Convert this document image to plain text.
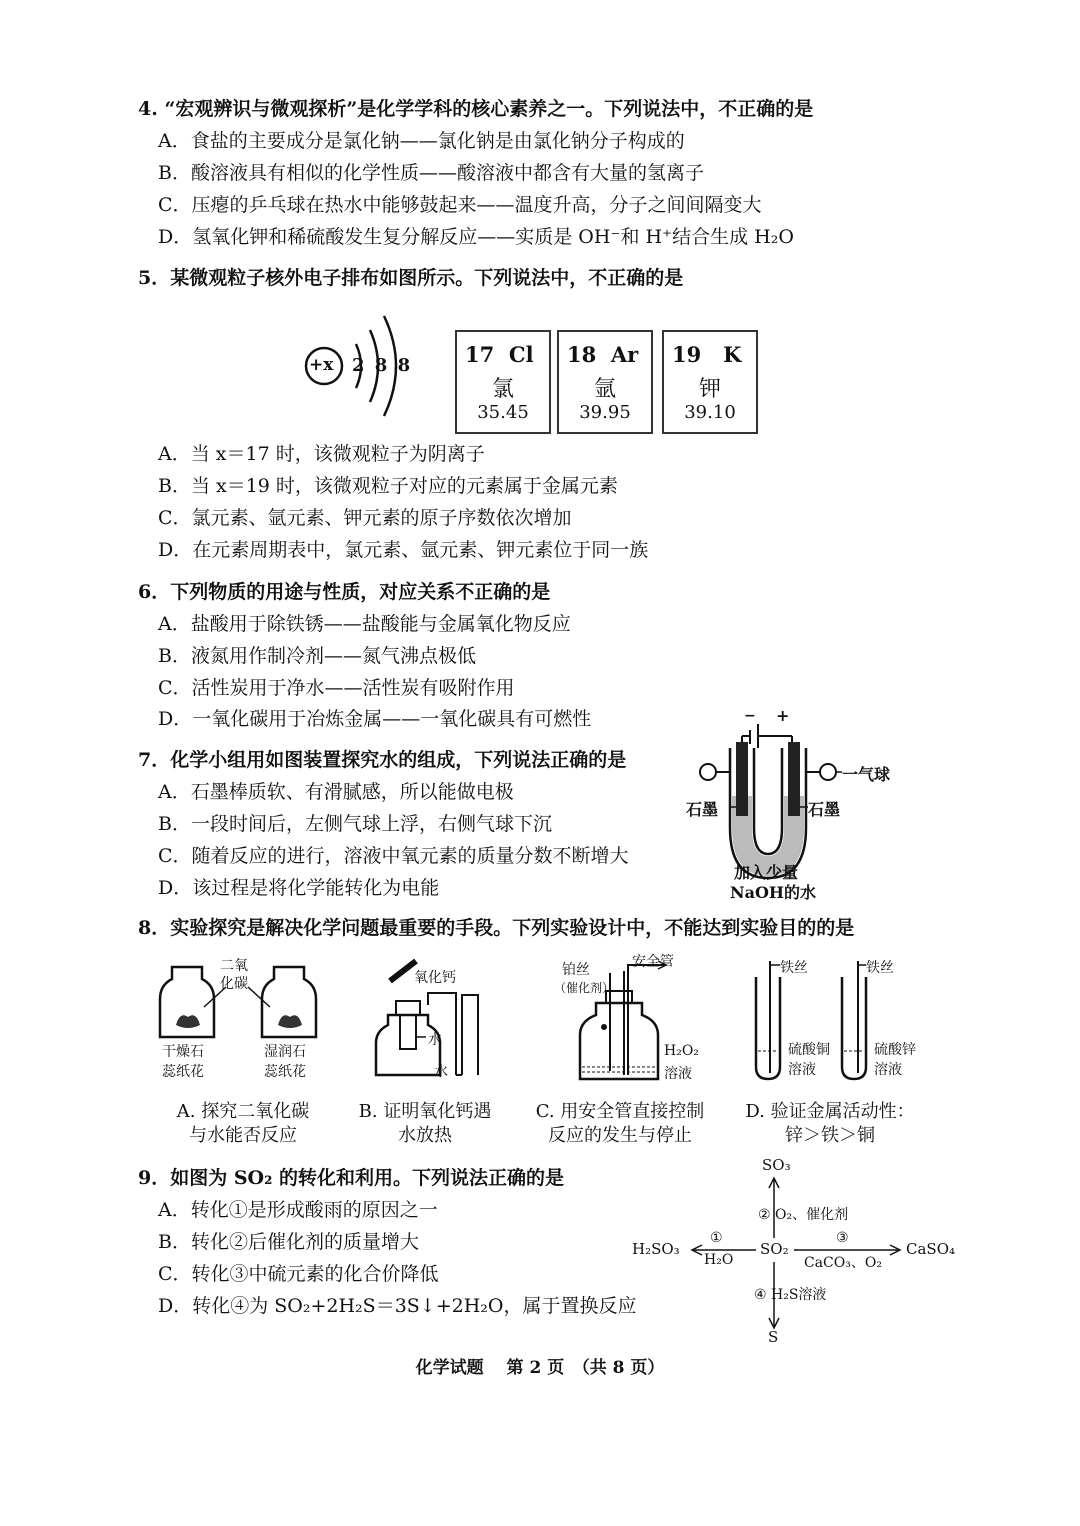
4. “宏观辨识与微观探析”是化学学科的核心素养之一。下列说法中，不正确的是
A．食盐的主要成分是氯化钠——氯化钠是由氯化钠分子构成的
B．酸溶液具有相似的化学性质——酸溶液中都含有大量的氢离子
C．压瘪的乒乓球在热水中能够鼓起来——温度升高，分子之间间隔变大
D．氢氧化钾和稀硫酸发生复分解反应——实质是 OH⁻和 H⁺结合生成 H₂O
5．某微观粒子核外电子排布如图所示。下列说法中，不正确的是
+x 2 8 8	17 Cl
氯
35.45
18 Ar
氩
39.95
19 K
钾
39.10
A．当 x＝17 时，该微观粒子为阴离子
B．当 x＝19 时，该微观粒子对应的元素属于金属元素
C．氯元素、氩元素、钾元素的原子序数依次增加
D．在元素周期表中，氯元素、氩元素、钾元素位于同一族
6．下列物质的用途与性质，对应关系不正确的是
A．盐酸用于除铁锈——盐酸能与金属氧化物反应
B．液氮用作制冷剂——氮气沸点极低
C．活性炭用于净水——活性炭有吸附作用
D．一氧化碳用于冶炼金属——一氧化碳具有可燃性
7．化学小组用如图装置探究水的组成，下列说法正确的是
A．石墨棒质软、有滑腻感，所以能做电极
B．一段时间后，左侧气球上浮，右侧气球下沉
C．随着反应的进行，溶液中氧元素的质量分数不断增大
D．该过程是将化学能转化为电能
− +
一气球
石墨	石墨
加入少量
NaOH的水
8．实验探究是解决化学问题最重要的手段。下列实验设计中，不能达到实验目的的是
二氧
化碳
干燥石
蕊纸花
湿润石
蕊纸花
A. 探究二氧化碳
与水能否反应
氧化钙
水
水
B. 证明氧化钙遇
水放热
铂丝
（催化剂）
安全管
H₂O₂
溶液
C. 用安全管直接控制
反应的发生与停止
铁丝	铁丝
硫酸铜
溶液
硫酸锌
溶液
D. 验证金属活动性：
锌＞铁＞铜
9．如图为 SO₂ 的转化和利用。下列说法正确的是
A．转化①是形成酸雨的原因之一
B．转化②后催化剂的质量增大
C．转化③中硫元素的化合价降低
D．转化④为 SO₂+2H₂S＝3S↓+2H₂O，属于置换反应
SO₃
SO₂
H₂SO₃	CaSO₄
S
② O₂、催化剂
①
H₂O
③
CaCO₃、O₂
④ H₂S溶液
化学试题　 第 2 页　（共 8 页）
